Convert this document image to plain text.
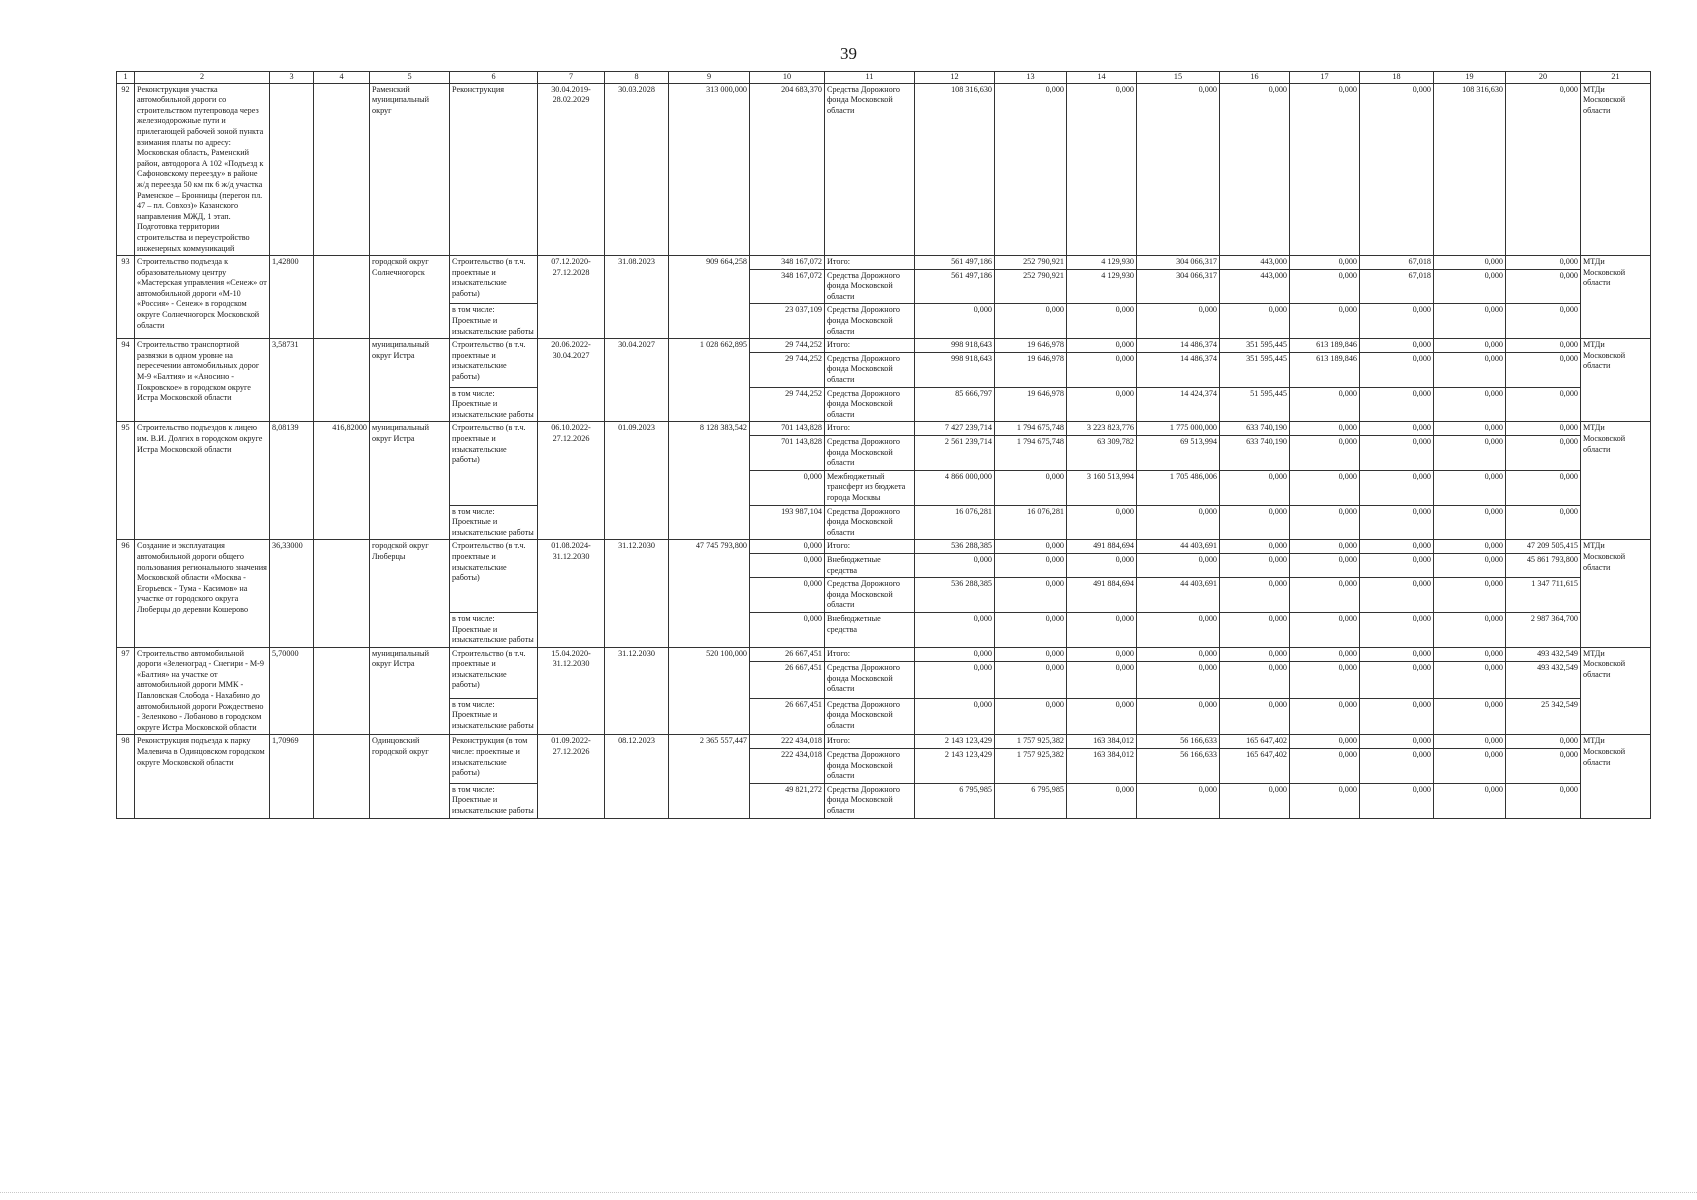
39
1	2	3	4	5	6	7	8	9	10	11	12	13	14	15	16	17	18	19	20	21
92	Реконструкция участка автомобильной дороги со строительством путепровода через железнодорожные пути и прилегающей рабочей зоной пункта взимания платы по адресу: Московская область, Раменский район, автодорога А 102 «Подъезд к Сафоновскому переезду» в районе ж/д переезда 50 км пк 6 ж/д участка Раменское – Бронницы (перегон пл. 47 – пл. Совхоз)» Казанского направления МЖД, 1 этап. Подготовка территории строительства и переустройство инженерных коммуникаций			Раменский муниципальный округ	Реконструкция	30.04.2019-28.02.2029	30.03.2028	313 000,000	204 683,370	Средства Дорожного фонда Московской области	108 316,630	0,000	0,000	0,000	0,000	0,000	0,000	108 316,630	0,000	МТДи Московской области
93	Строительство подъезда к образовательному центру «Мастерская управления «Сенеж» от автомобильной дороги «М-10 «Россия» - Сенеж» в городском округе Солнечногорск Московской области	1,42800		городской округ Солнечногорск	Строительство (в т.ч. проектные и изыскательские работы)	07.12.2020-27.12.2028	31.08.2023	909 664,258	348 167,072	Итого:	561 497,186	252 790,921	4 129,930	304 066,317	443,000	0,000	67,018	0,000	0,000	МТДи Московской области
									348 167,072	Средства Дорожного фонда Московской области	561 497,186	252 790,921	4 129,930	304 066,317	443,000	0,000	67,018	0,000	0,000	
					в том числе: Проектные и изыскательские работы				23 037,109	Средства Дорожного фонда Московской области	0,000	0,000	0,000	0,000	0,000	0,000	0,000	0,000	0,000	
94	Строительство транспортной развязки в одном уровне на пересечении автомобильных дорог М-9 «Балтия» и «Аносино - Покровское» в городском округе Истра Московской области	3,58731		муниципальный округ Истра	Строительство (в т.ч. проектные и изыскательские работы)	20.06.2022-30.04.2027	30.04.2027	1 028 662,895	29 744,252	Итого:	998 918,643	19 646,978	0,000	14 486,374	351 595,445	613 189,846	0,000	0,000	0,000	МТДи Московской области
									29 744,252	Средства Дорожного фонда Московской области	998 918,643	19 646,978	0,000	14 486,374	351 595,445	613 189,846	0,000	0,000	0,000	
					в том числе: Проектные и изыскательские работы				29 744,252	Средства Дорожного фонда Московской области	85 666,797	19 646,978	0,000	14 424,374	51 595,445	0,000	0,000	0,000	0,000	
95	Строительство подъездов к лицею им. В.И. Долгих в городском округе Истра Московской области	8,08139	416,82000	муниципальный округ Истра	Строительство (в т.ч. проектные и изыскательские работы)	06.10.2022-27.12.2026	01.09.2023	8 128 383,542	701 143,828	Итого:	7 427 239,714	1 794 675,748	3 223 823,776	1 775 000,000	633 740,190	0,000	0,000	0,000	0,000	МТДи Московской области
									701 143,828	Средства Дорожного фонда Московской области	2 561 239,714	1 794 675,748	63 309,782	69 513,994	633 740,190	0,000	0,000	0,000	0,000	
									0,000	Межбюджетный трансферт из бюджета города Москвы	4 866 000,000	0,000	3 160 513,994	1 705 486,006	0,000	0,000	0,000	0,000	0,000	
					в том числе: Проектные и изыскательские работы				193 987,104	Средства Дорожного фонда Московской области	16 076,281	16 076,281	0,000	0,000	0,000	0,000	0,000	0,000	0,000	
96	Создание и эксплуатация автомобильной дороги общего пользования регионального значения Московской области «Москва - Егорьевск - Тума - Касимов» на участке от городского округа Люберцы до деревни Кошерово	36,33000		городской округ Люберцы	Строительство (в т.ч. проектные и изыскательские работы)	01.08.2024-31.12.2030	31.12.2030	47 745 793,800	0,000	Итого:	536 288,385	0,000	491 884,694	44 403,691	0,000	0,000	0,000	0,000	47 209 505,415	МТДи Московской области
									0,000	Внебюджетные средства	0,000	0,000	0,000	0,000	0,000	0,000	0,000	0,000	45 861 793,800	
									0,000	Средства Дорожного фонда Московской области	536 288,385	0,000	491 884,694	44 403,691	0,000	0,000	0,000	0,000	1 347 711,615	
					в том числе: Проектные и изыскательские работы				0,000	Внебюджетные средства	0,000	0,000	0,000	0,000	0,000	0,000	0,000	0,000	2 987 364,700	
97	Строительство автомобильной дороги «Зеленоград - Снегири - М-9 «Балтия» на участке от автомобильной дороги ММК - Павловская Слобода - Нахабино до автомобильной дороги Рождествено - Зеленково - Лобаново в городском округе Истра Московской области	5,70000		муниципальный округ Истра	Строительство (в т.ч. проектные и изыскательские работы)	15.04.2020-31.12.2030	31.12.2030	520 100,000	26 667,451	Итого:	0,000	0,000	0,000	0,000	0,000	0,000	0,000	0,000	493 432,549	МТДи Московской области
									26 667,451	Средства Дорожного фонда Московской области	0,000	0,000	0,000	0,000	0,000	0,000	0,000	0,000	493 432,549	
					в том числе: Проектные и изыскательские работы				26 667,451	Средства Дорожного фонда Московской области	0,000	0,000	0,000	0,000	0,000	0,000	0,000	0,000	25 342,549	
98	Реконструкция подъезда к парку Малевича в Одинцовском городском округе Московской области	1,70969		Одинцовский городской округ	Реконструкция (в том числе: проектные и изыскательские работы)	01.09.2022-27.12.2026	08.12.2023	2 365 557,447	222 434,018	Итого:	2 143 123,429	1 757 925,382	163 384,012	56 166,633	165 647,402	0,000	0,000	0,000	0,000	МТДи Московской области
									222 434,018	Средства Дорожного фонда Московской области	2 143 123,429	1 757 925,382	163 384,012	56 166,633	165 647,402	0,000	0,000	0,000	0,000	
					в том числе: Проектные и изыскательские работы				49 821,272	Средства Дорожного фонда Московской области	6 795,985	6 795,985	0,000	0,000	0,000	0,000	0,000	0,000	0,000	
